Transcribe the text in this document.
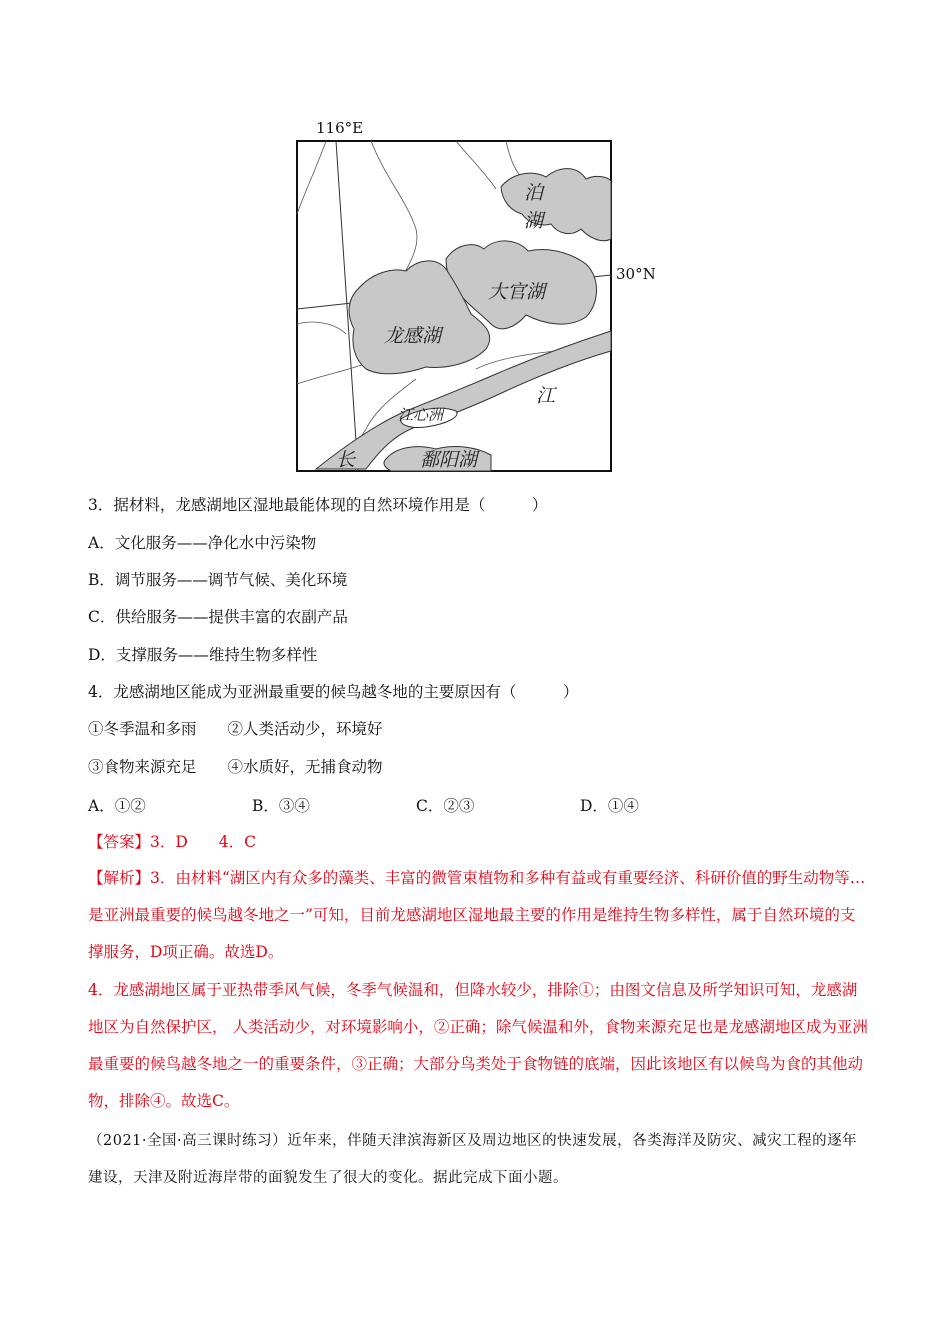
116°E
30°N
泊湖
大官湖
龙感湖
长
江
江心洲
鄱阳湖
3．据材料，龙感湖地区湿地最能体现的自然环境作用是（　　　）
A．文化服务——净化水中污染物
B．调节服务——调节气候、美化环境
C．供给服务——提供丰富的农副产品
D．支撑服务——维持生物多样性
4．龙感湖地区能成为亚洲最重要的候鸟越冬地的主要原因有（　　　）
①冬季温和多雨　　②人类活动少，环境好
③食物来源充足　　④水质好，无捕食动物
A．①②	B．③④	C．②③	D．①④
【答案】3．D　　4．C
【解析】3．由材料“湖区内有众多的藻类、丰富的微管束植物和多种有益或有重要经济、科研价值的野生动物等…是亚洲最重要的候鸟越冬地之一”可知，目前龙感湖地区湿地最主要的作用是维持生物多样性，属于自然环境的支撑服务，D项正确。故选D。
4．龙感湖地区属于亚热带季风气候，冬季气候温和，但降水较少，排除①；由图文信息及所学知识可知，龙感湖地区为自然保护区， 人类活动少，对环境影响小，②正确；除气候温和外，食物来源充足也是龙感湖地区成为亚洲最重要的候鸟越冬地之一的重要条件，③正确；大部分鸟类处于食物链的底端，因此该地区有以候鸟为食的其他动物，排除④。故选C。
（2021·全国·高三课时练习）近年来，伴随天津滨海新区及周边地区的快速发展，各类海洋及防灾、减灾工程的逐年建设，天津及附近海岸带的面貌发生了很大的变化。据此完成下面小题。
